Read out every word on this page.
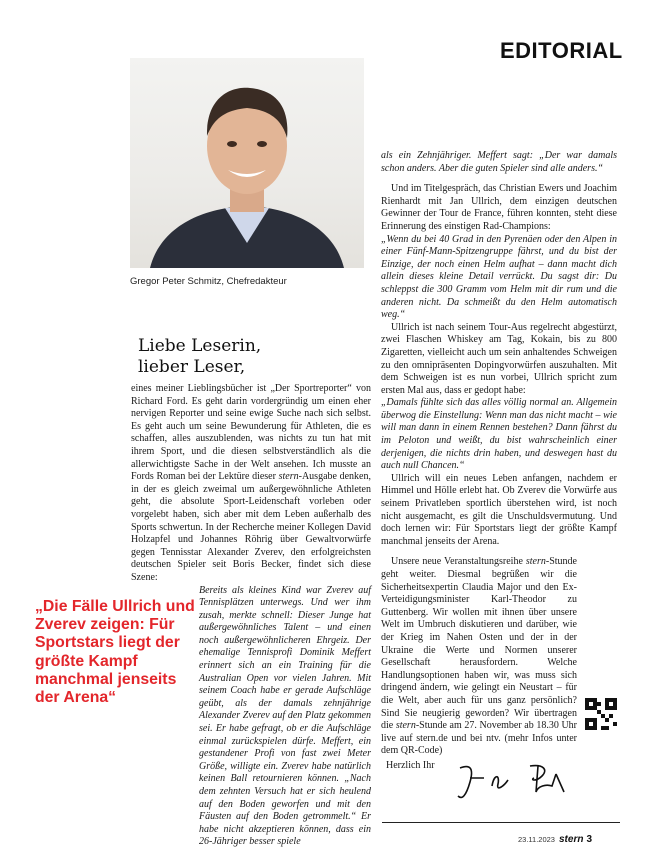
EDITORIAL
Gregor Peter Schmitz, Chefredakteur
Liebe Leserin,
lieber Leser,

eines meiner Lieblingsbücher ist „Der Sportreporter“ von Richard Ford. Es geht darin vordergründig um einen eher nervigen Reporter und seine ewige Suche nach sich selbst. Es geht auch um seine Bewunderung für Athleten, die es schaffen, alles auszublenden, was nichts zu tun hat mit ihrem Sport, und die diesen selbstverständlich als die allerwichtigste Sache in der Welt ansehen. Ich musste an Fords Roman bei der Lektüre dieser stern-Ausgabe denken, in der es gleich zweimal um außergewöhnliche Athleten geht, die absolute Sport-Leidenschaft vorleben oder vorgelebt haben, sich aber mit dem Leben außerhalb des Sports schwertun. In der Recherche meiner Kollegen David Holzapfel und Johannes Röhrig über Gewaltvorwürfe gegen Tennisstar Alexander Zverev, den erfolgreichsten deutschen Spieler seit Boris Becker, findet sich diese Szene:

Bereits als kleines Kind war Zverev auf Tennisplätzen unterwegs. Und wer ihm zusah, merkte schnell: Dieser Junge hat außergewöhnliches Talent – und einen noch außergewöhnlicheren Ehrgeiz. Der ehemalige Tennisprofi Dominik Meffert erinnert sich an ein Training für die Australian Open vor vielen Jahren. Mit seinem Coach habe er gerade Aufschläge geübt, als der damals zehnjährige Alexander Zverev auf den Platz gekommen sei. Er habe gefragt, ob er die Aufschläge einmal zurückspielen dürfe. Meffert, ein gestandener Profi von fast zwei Meter Größe, willigte ein. Zverev habe natürlich keinen Ball retournieren können. „Nach dem zehnten Versuch hat er sich heulend auf den Boden geworfen und mit den Fäusten auf den Boden getrommelt.“ Er habe nicht akzeptieren können, dass ein 26-Jähriger besser spiele

als ein Zehnjähriger. Meffert sagt: „Der war damals schon anders. Aber die guten Spieler sind alle anders.“

Und im Titelgespräch, das Christian Ewers und Joachim Rienhardt mit Jan Ullrich, dem einzigen deutschen Gewinner der Tour de France, führen konnten, steht diese Erinnerung des einstigen Rad-Champions:

„Wenn du bei 40 Grad in den Pyrenäen oder den Alpen in einer Fünf-Mann-Spitzengruppe fährst, und du bist der Einzige, der noch einen Helm aufhat – dann macht dich allein dieses kleine Detail verrückt. Du sagst dir: Du schleppst die 300 Gramm vom Helm mit dir rum und die anderen nicht. Da schmeißt du den Helm automatisch weg.“

Ullrich ist nach seinem Tour-Aus regelrecht abgestürzt, zwei Flaschen Whiskey am Tag, Kokain, bis zu 800 Zigaretten, vielleicht auch um sein anhaltendes Schweigen zu den omnipräsenten Dopingvorwürfen auszuhalten. Mit dem Schweigen ist es nun vorbei, Ullrich spricht zum ersten Mal aus, dass er gedopt habe:

„Damals fühlte sich das alles völlig normal an. Allgemein überwog die Einstellung: Wenn man das nicht macht – wie will man dann in einem Rennen bestehen? Dann fährst du im Peloton und weißt, du bist wahrscheinlich einer derjenigen, die nichts drin haben, und deswegen hast du auch null Chancen.“

Ullrich will ein neues Leben anfangen, nachdem er Himmel und Hölle erlebt hat. Ob Zverev die Vorwürfe aus seinem Privatleben sportlich überstehen wird, ist noch nicht ausgemacht, es gilt die Unschuldsvermutung. Und doch lernen wir: Für Sportstars liegt der größte Kampf manchmal jenseits der Arena.

Unsere neue Veranstaltungsreihe stern-Stunde geht weiter. Diesmal begrüßen wir die Sicherheitsexpertin Claudia Major und den Ex-Verteidigungsminister Karl-Theodor zu Guttenberg. Wir wollen mit ihnen über unsere Welt im Umbruch diskutieren und darüber, wie der Krieg im Nahen Osten und der in der Ukraine die Werte und Normen unserer Gesellschaft herausfordern. Welche Handlungsoptionen haben wir, was muss sich dringend ändern, wie gelingt ein Neustart – für die Welt, aber auch für uns ganz persönlich? Sind Sie neugierig geworden? Wir übertragen die stern-Stunde am 27. November ab 18.30 Uhr live auf stern.de und bei ntv. (mehr Infos unter dem QR-Code)

„Die Fälle Ullrich und Zverev zeigen: Für Sportstars liegt der größte Kampf manchmal jenseits der Arena“
Herzlich Ihr
23.11.2023 stern 3
